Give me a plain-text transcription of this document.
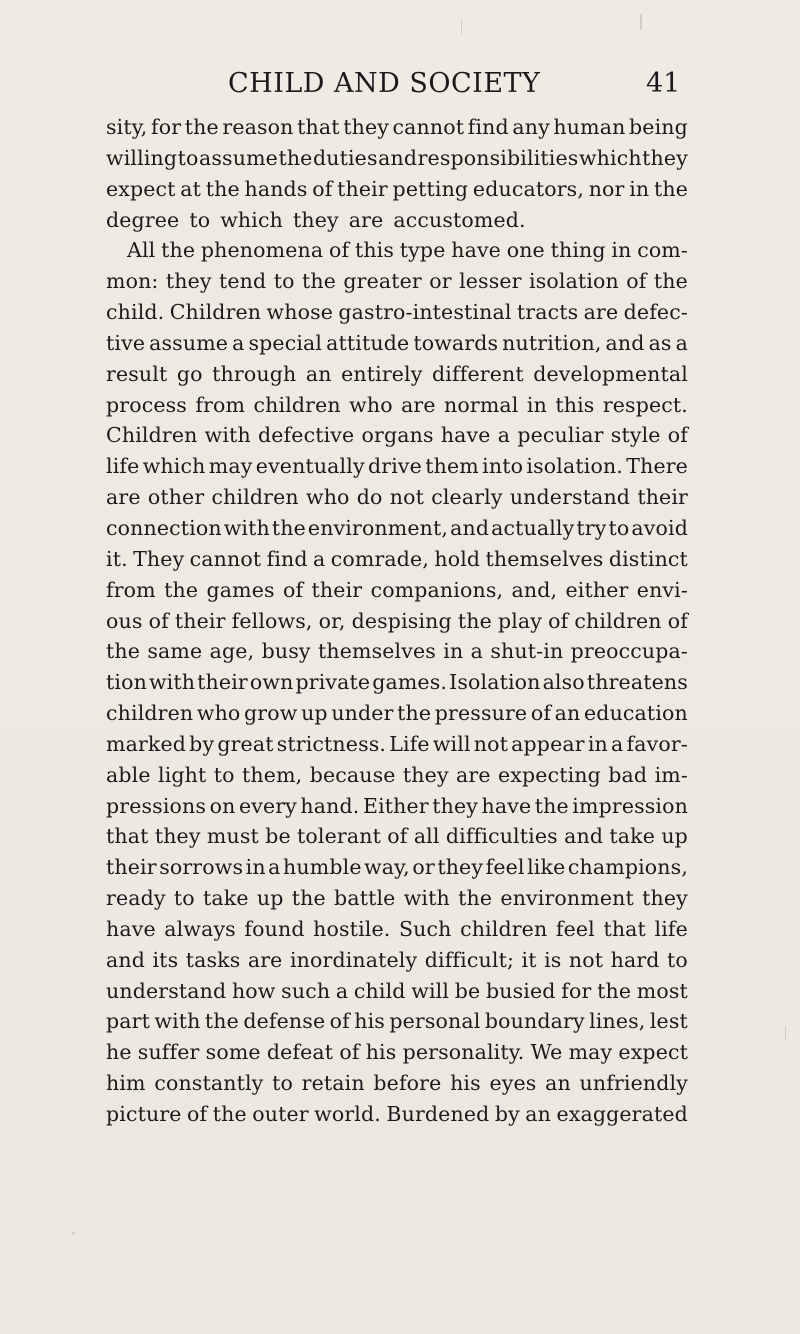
CHILD AND SOCIETY	41
sity, for the reason that they cannot find any human being
willing to assume the duties and responsibilities which they
expect at the hands of their petting educators, nor in the
degree to which they are accustomed.
All the phenomena of this type have one thing in com-
mon: they tend to the greater or lesser isolation of the
child. Children whose gastro-intestinal tracts are defec-
tive assume a special attitude towards nutrition, and as a
result go through an entirely different developmental
process from children who are normal in this respect.
Children with defective organs have a peculiar style of
life which may eventually drive them into isolation. There
are other children who do not clearly understand their
connection with the environment, and actually try to avoid
it. They cannot find a comrade, hold themselves distinct
from the games of their companions, and, either envi-
ous of their fellows, or, despising the play of children of
the same age, busy themselves in a shut-in preoccupa-
tion with their own private games. Isolation also threatens
children who grow up under the pressure of an education
marked by great strictness. Life will not appear in a favor-
able light to them, because they are expecting bad im-
pressions on every hand. Either they have the impression
that they must be tolerant of all difficulties and take up
their sorrows in a humble way, or they feel like champions,
ready to take up the battle with the environment they
have always found hostile. Such children feel that life
and its tasks are inordinately difficult; it is not hard to
understand how such a child will be busied for the most
part with the defense of his personal boundary lines, lest
he suffer some defeat of his personality. We may expect
him constantly to retain before his eyes an unfriendly
picture of the outer world. Burdened by an exaggerated
